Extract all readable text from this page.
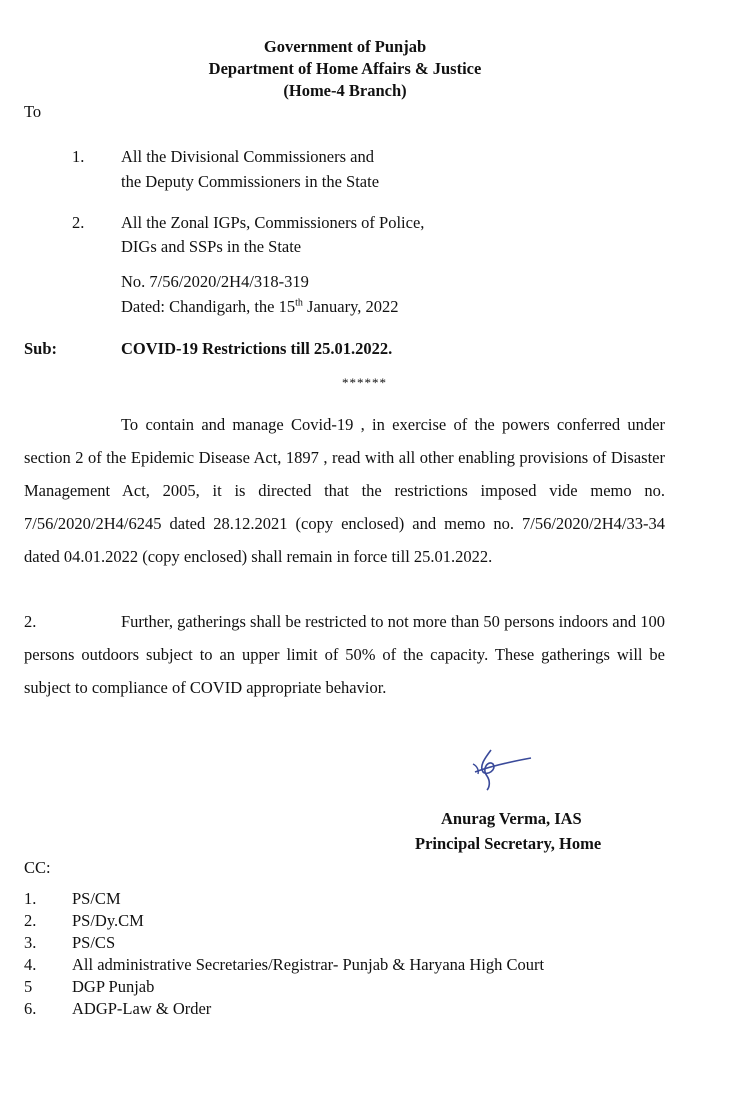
Government of Punjab
Department of Home Affairs & Justice
(Home-4 Branch)
To
1. All the Divisional Commissioners and
the Deputy Commissioners in the State
2. All the Zonal IGPs, Commissioners of Police,
DIGs and SSPs in the State
No. 7/56/2020/2H4/318-319
Dated: Chandigarh, the 15th January, 2022
Sub:	COVID-19 Restrictions till 25.01.2022.
******
To contain and manage Covid-19 , in exercise of the powers conferred under section 2 of the Epidemic Disease Act, 1897 , read with all other enabling provisions of Disaster Management Act, 2005, it is directed that the restrictions imposed vide memo no. 7/56/2020/2H4/6245 dated 28.12.2021 (copy enclosed) and memo no. 7/56/2020/2H4/33-34 dated 04.01.2022 (copy enclosed) shall remain in force till 25.01.2022.
2.	Further, gatherings shall be restricted to not more than 50 persons indoors and 100 persons outdoors subject to an upper limit of 50% of the capacity. These gatherings will be subject to compliance of COVID appropriate behavior.
Anurag Verma, IAS
Principal Secretary, Home
CC:
1. PS/CM
2. PS/Dy.CM
3. PS/CS
4. All administrative Secretaries/Registrar- Punjab & Haryana High Court
5 DGP Punjab
6. ADGP-Law & Order
